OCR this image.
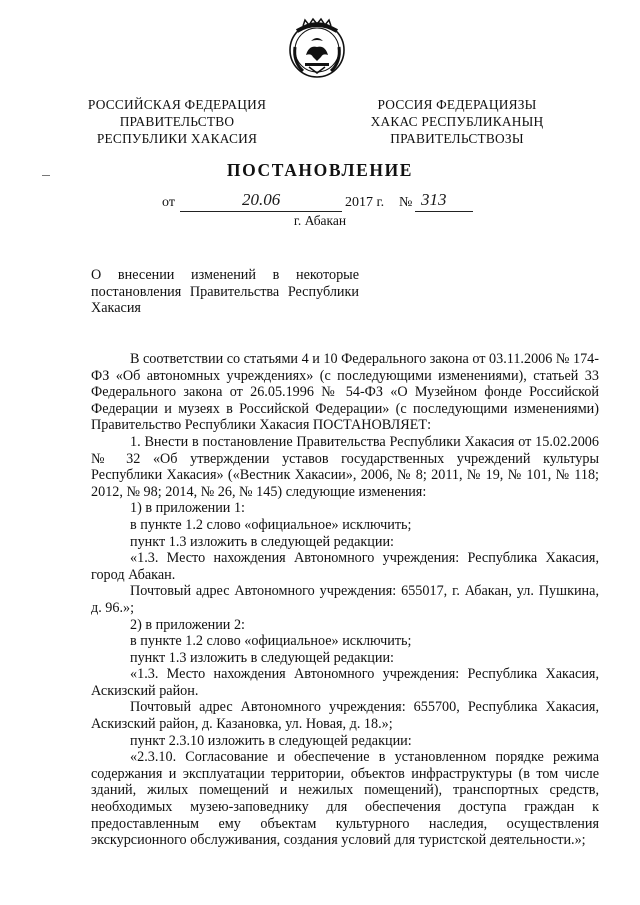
РОССИЙСКАЯ ФЕДЕРАЦИЯ
ПРАВИТЕЛЬСТВО
РЕСПУБЛИКИ ХАКАСИЯ
РОССИЯ ФЕДЕРАЦИЯЗЫ
ХАКАС РЕСПУБЛИКАНЫҢ
ПРАВИТЕЛЬСТВОЗЫ
ПОСТАНОВЛЕНИЕ
от	20.06	2017 г. № 313
г. Абакан
О внесении изменений в некоторые постановления Правительства Республики Хакасия

В соответствии со статьями 4 и 10 Федерального закона от 03.11.2006 № 174-ФЗ «Об автономных учреждениях» (с последующими изменениями), статьей 33 Федерального закона от 26.05.1996 № 54-ФЗ «О Музейном фонде Российской Федерации и музеях в Российской Федерации» (с последующими изменениями) Правительство Республики Хакасия ПОСТАНОВЛЯЕТ:

1. Внести в постановление Правительства Республики Хакасия от 15.02.2006 № 32 «Об утверждении уставов государственных учреждений культуры Республики Хакасия» («Вестник Хакасии», 2006, № 8; 2011, № 19, № 101, № 118; 2012, № 98; 2014, № 26, № 145) следующие изменения:

1) в приложении 1:

в пункте 1.2 слово «официальное» исключить;

пункт 1.3 изложить в следующей редакции:

«1.3. Место нахождения Автономного учреждения: Республика Хакасия, город Абакан.

Почтовый адрес Автономного учреждения: 655017, г. Абакан, ул. Пушкина, д. 96.»;

2) в приложении 2:

в пункте 1.2 слово «официальное» исключить;

пункт 1.3 изложить в следующей редакции:

«1.3. Место нахождения Автономного учреждения: Республика Хакасия, Аскизский район.

Почтовый адрес Автономного учреждения: 655700, Республика Хакасия, Аскизский район, д. Казановка, ул. Новая, д. 18.»;

пункт 2.3.10 изложить в следующей редакции:

«2.3.10. Согласование и обеспечение в установленном порядке режима содержания и эксплуатации территории, объектов инфраструктуры (в том числе зданий, жилых помещений и нежилых помещений), транспортных средств, необходимых музею-заповеднику для обеспечения доступа граждан к предоставленным ему объектам культурного наследия, осуществления экскурсионного обслуживания, создания условий для туристской деятельности.»;
